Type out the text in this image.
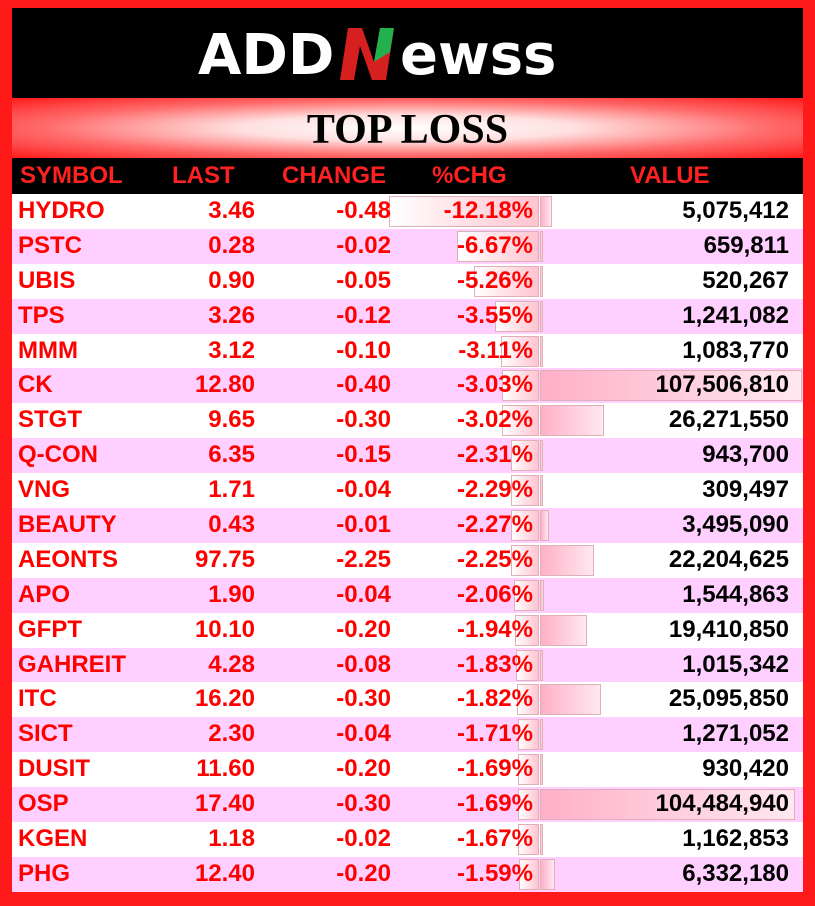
ADD ewss
TOP LOSS
SYMBOL LAST CHANGE %CHG	VALUE
HYDRO	3.46	-0.48 -12.18%	5,075,412
PSTC	0.28	-0.02	-6.67%	659,811
UBIS	0.90	-0.05	-5.26%	520,267
TPS	3.26	-0.12	-3.55%	1,241,082
MMM	3.12	-0.10	-3.11%	1,083,770
CK	12.80	-0.40	-3.03%	107,506,810
STGT	9.65	-0.30	-3.02%	26,271,550
Q-CON	6.35	-0.15	-2.31%	943,700
VNG	1.71	-0.04	-2.29%	309,497
BEAUTY	0.43	-0.01	-2.27%	3,495,090
AEONTS	97.75	-2.25	-2.25%	22,204,625
APO	1.90	-0.04	-2.06%	1,544,863
GFPT	10.10	-0.20	-1.94%	19,410,850
GAHREIT	4.28	-0.08	-1.83%	1,015,342
ITC	16.20	-0.30	-1.82%	25,095,850
SICT	2.30	-0.04	-1.71%	1,271,052
DUSIT	11.60	-0.20	-1.69%	930,420
OSP	17.40	-0.30	-1.69%	104,484,940
KGEN	1.18	-0.02	-1.67%	1,162,853
PHG	12.40	-0.20	-1.59%	6,332,180
